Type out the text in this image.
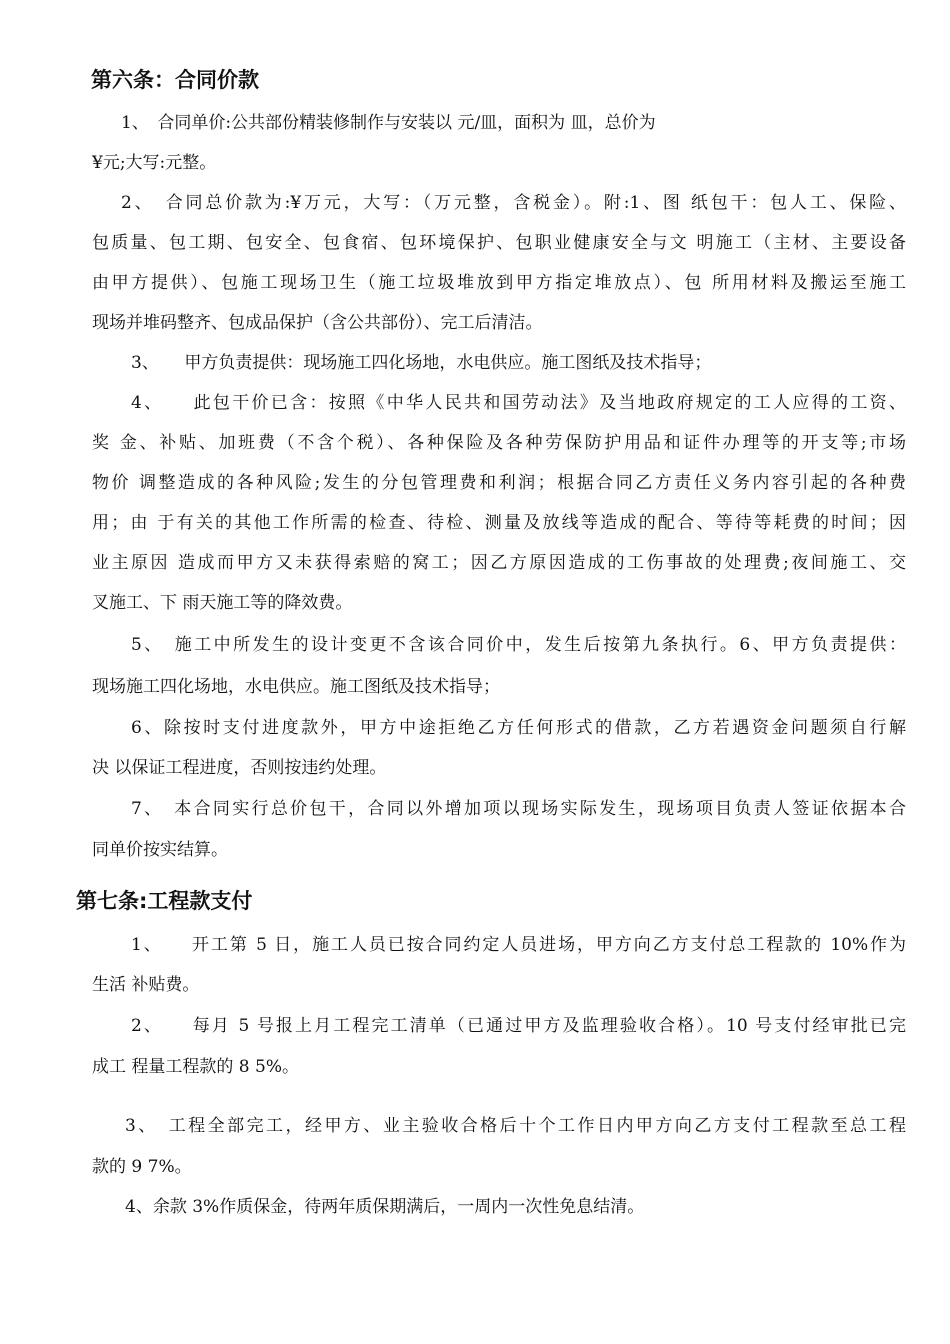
第六条：合同价款

1、　合同单价:公共部份精装修制作与安装以 元/皿，面积为 皿，总价为

¥元;大写:元整。

2、　合同总价款为:¥万元，大写：（万元整，含税金）。附:1、图 纸包干：包人工、保险、

包质量、包工期、包安全、包食宿、包环境保护、包职业健康安全与文 明施工（主材、主要设备

由甲方提供）、包施工现场卫生（施工垃圾堆放到甲方指定堆放点）、包 所用材料及搬运至施工

现场并堆码整齐、包成品保护（含公共部份）、完工后清洁。

3、　　甲方负责提供：现场施工四化场地，水电供应。施工图纸及技术指导；

4、　　此包干价已含：按照《中华人民共和国劳动法》及当地政府规定的工人应得的工资、

奖 金、补贴、加班费（不含个税）、各种保险及各种劳保防护用品和证件办理等的开支等;市场

物价 调整造成的各种风险;发生的分包管理费和利润；根据合同乙方责任义务内容引起的各种费

用；由 于有关的其他工作所需的检查、待检、测量及放线等造成的配合、等待等耗费的时间；因

业主原因 造成而甲方又未获得索赔的窝工；因乙方原因造成的工伤事故的处理费;夜间施工、交

叉施工、下 雨天施工等的降效费。

5、　施工中所发生的设计变更不含该合同价中，发生后按第九条执行。6、甲方负责提供：

现场施工四化场地，水电供应。施工图纸及技术指导；

6、除按时支付进度款外，甲方中途拒绝乙方任何形式的借款，乙方若遇资金问题须自行解

决 以保证工程进度，否则按违约处理。

7、　本合同实行总价包干，合同以外增加项以现场实际发生，现场项目负责人签证依据本合

同单价按实结算。

第七条:工程款支付

1、　　开工第 5 日，施工人员已按合同约定人员进场，甲方向乙方支付总工程款的 10%作为

生活 补贴费。

2、　　每月 5 号报上月工程完工清单（已通过甲方及监理验收合格）。10 号支付经审批已完

成工 程量工程款的 8 5%。

3、　工程全部完工，经甲方、业主验收合格后十个工作日内甲方向乙方支付工程款至总工程

款的 9 7%。

4、余款 3%作质保金，待两年质保期满后，一周内一次性免息结清。
